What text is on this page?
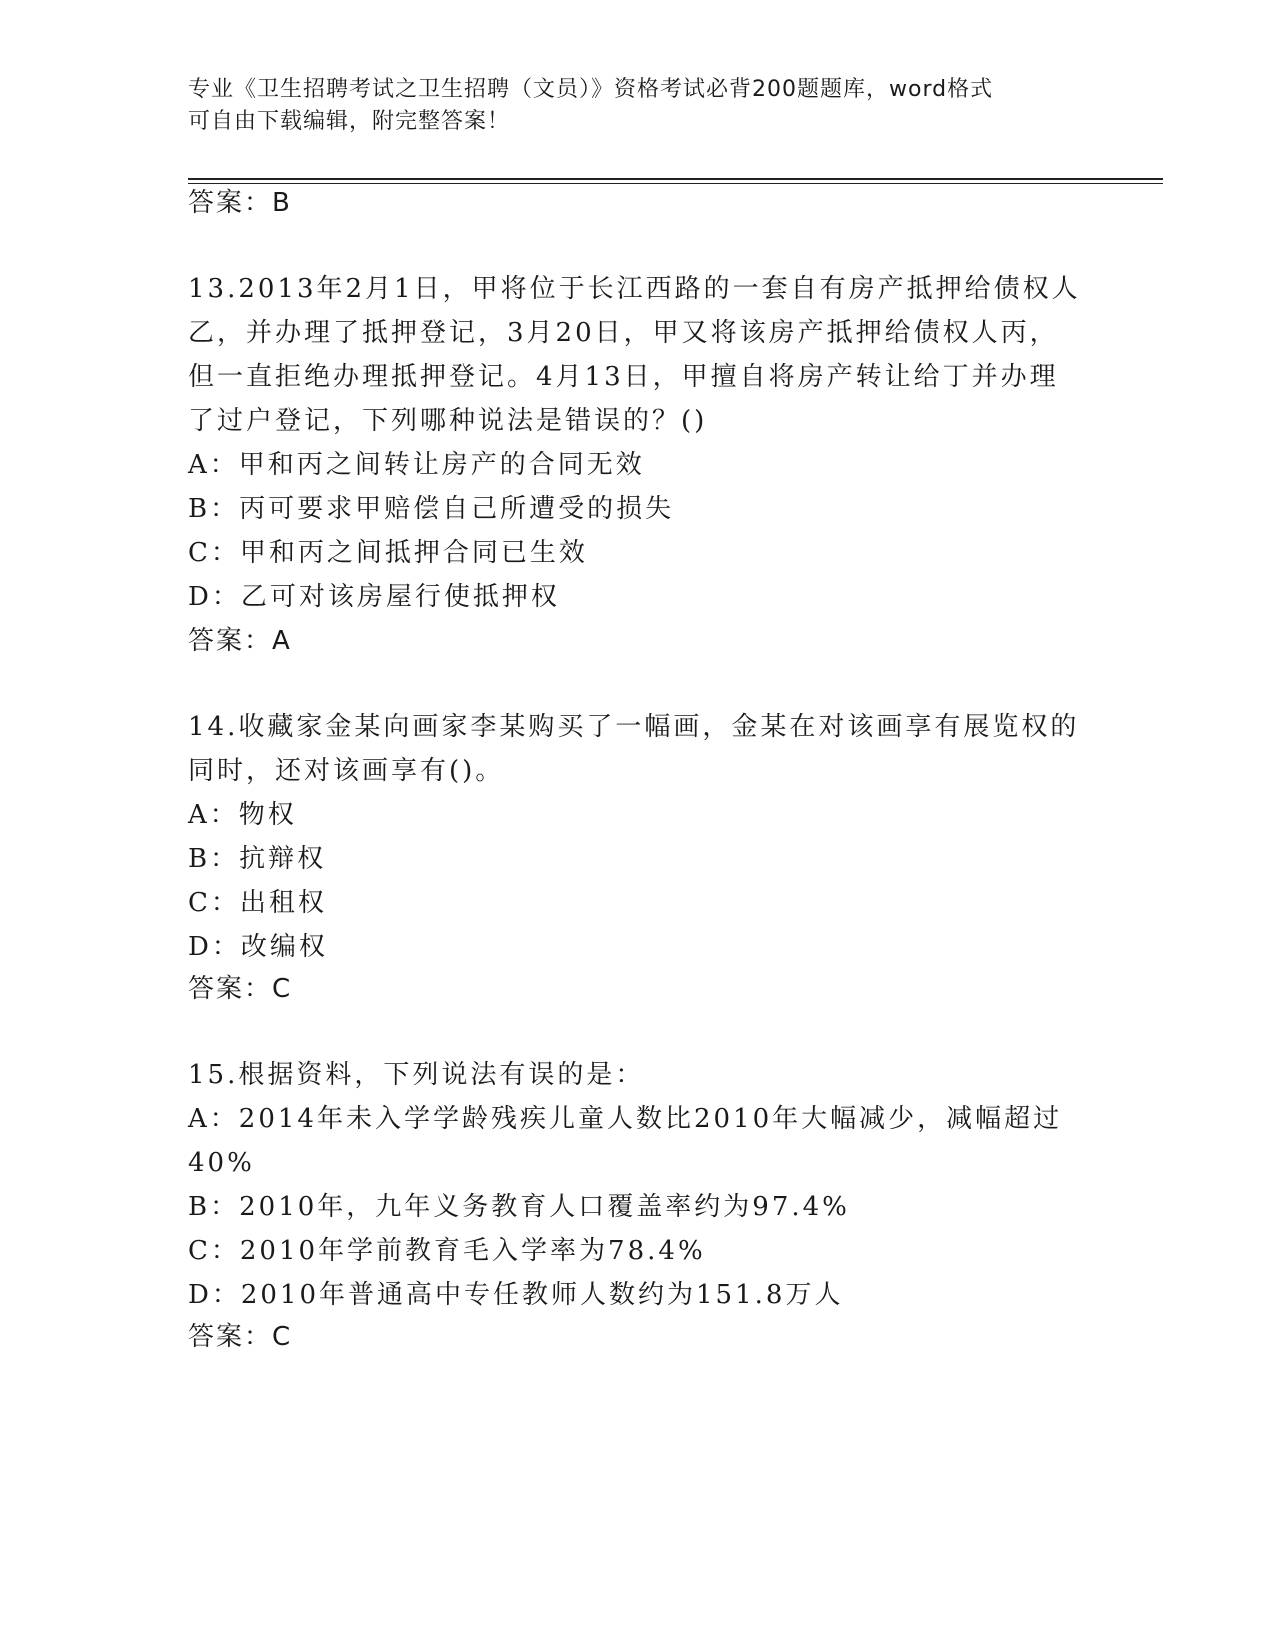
专业《卫生招聘考试之卫生招聘（文员）》资格考试必背200题题库，word格式
可自由下载编辑，附完整答案！
答案：B
13.2013年2月1日，甲将位于长江西路的一套自有房产抵押给债权人
乙，并办理了抵押登记，3月20日，甲又将该房产抵押给债权人丙，
但一直拒绝办理抵押登记。4月13日，甲擅自将房产转让给丁并办理
了过户登记，下列哪种说法是错误的？()
A：甲和丙之间转让房产的合同无效
B：丙可要求甲赔偿自己所遭受的损失
C：甲和丙之间抵押合同已生效
D：乙可对该房屋行使抵押权
答案：A
14.收藏家金某向画家李某购买了一幅画，金某在对该画享有展览权的
同时，还对该画享有()。
A：物权
B：抗辩权
C：出租权
D：改编权
答案：C
15.根据资料，下列说法有误的是：
A：2014年未入学学龄残疾儿童人数比2010年大幅减少，减幅超过
40%
B：2010年，九年义务教育人口覆盖率约为97.4%
C：2010年学前教育毛入学率为78.4%
D：2010年普通高中专任教师人数约为151.8万人
答案：C
